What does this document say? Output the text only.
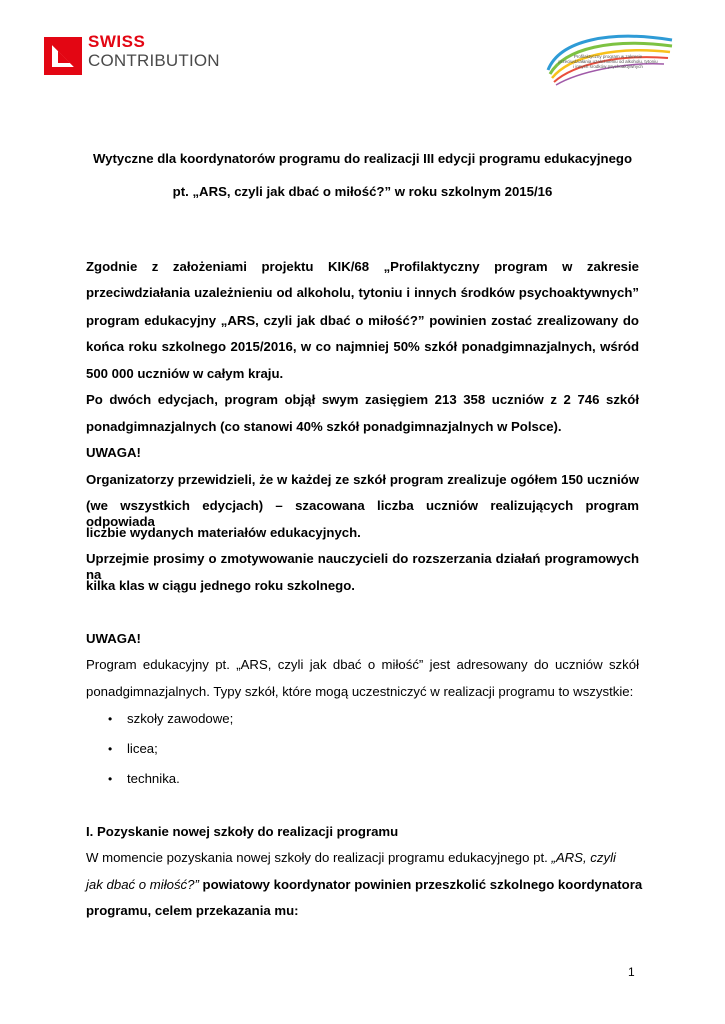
SWISS
CONTRIBUTION	Profilaktyczny program w zakresie przeciwdziałania uzależnieniu od alkoholu, tytoniu i innych środków psychoaktywnych
Wytyczne dla koordynatorów programu do realizacji III edycji programu edukacyjnego
pt. „ARS, czyli jak dbać o miłość?” w roku szkolnym 2015/16
Zgodnie z założeniami projektu KIK/68 „Profilaktyczny program w zakresie
przeciwdziałania uzależnieniu od alkoholu, tytoniu i innych środków psychoaktywnych”
program edukacyjny „ARS, czyli jak dbać o miłość?” powinien zostać zrealizowany do
końca roku szkolnego 2015/2016, w co najmniej 50% szkół ponadgimnazjalnych, wśród
500 000 uczniów w całym kraju.
Po dwóch edycjach, program objął swym zasięgiem 213 358 uczniów z 2 746 szkół
ponadgimnazjalnych (co stanowi 40% szkół ponadgimnazjalnych w Polsce).
UWAGA!
Organizatorzy przewidzieli, że w każdej ze szkół program zrealizuje ogółem 150 uczniów
(we wszystkich edycjach) – szacowana liczba uczniów realizujących program odpowiada
liczbie wydanych materiałów edukacyjnych.
Uprzejmie prosimy o zmotywowanie nauczycieli do rozszerzania działań programowych na
kilka klas w ciągu jednego roku szkolnego.
UWAGA!
Program edukacyjny pt. „ARS, czyli jak dbać o miłość” jest adresowany do uczniów szkół
ponadgimnazjalnych. Typy szkół, które mogą uczestniczyć w realizacji programu to wszystkie:
• szkoły zawodowe;
• licea;
• technika.
I. Pozyskanie nowej szkoły do realizacji programu
W momencie pozyskania nowej szkoły do realizacji programu edukacyjnego pt. „ARS, czyli
jak dbać o miłość?” powiatowy koordynator powinien przeszkolić szkolnego koordynatora
programu, celem przekazania mu:
1
